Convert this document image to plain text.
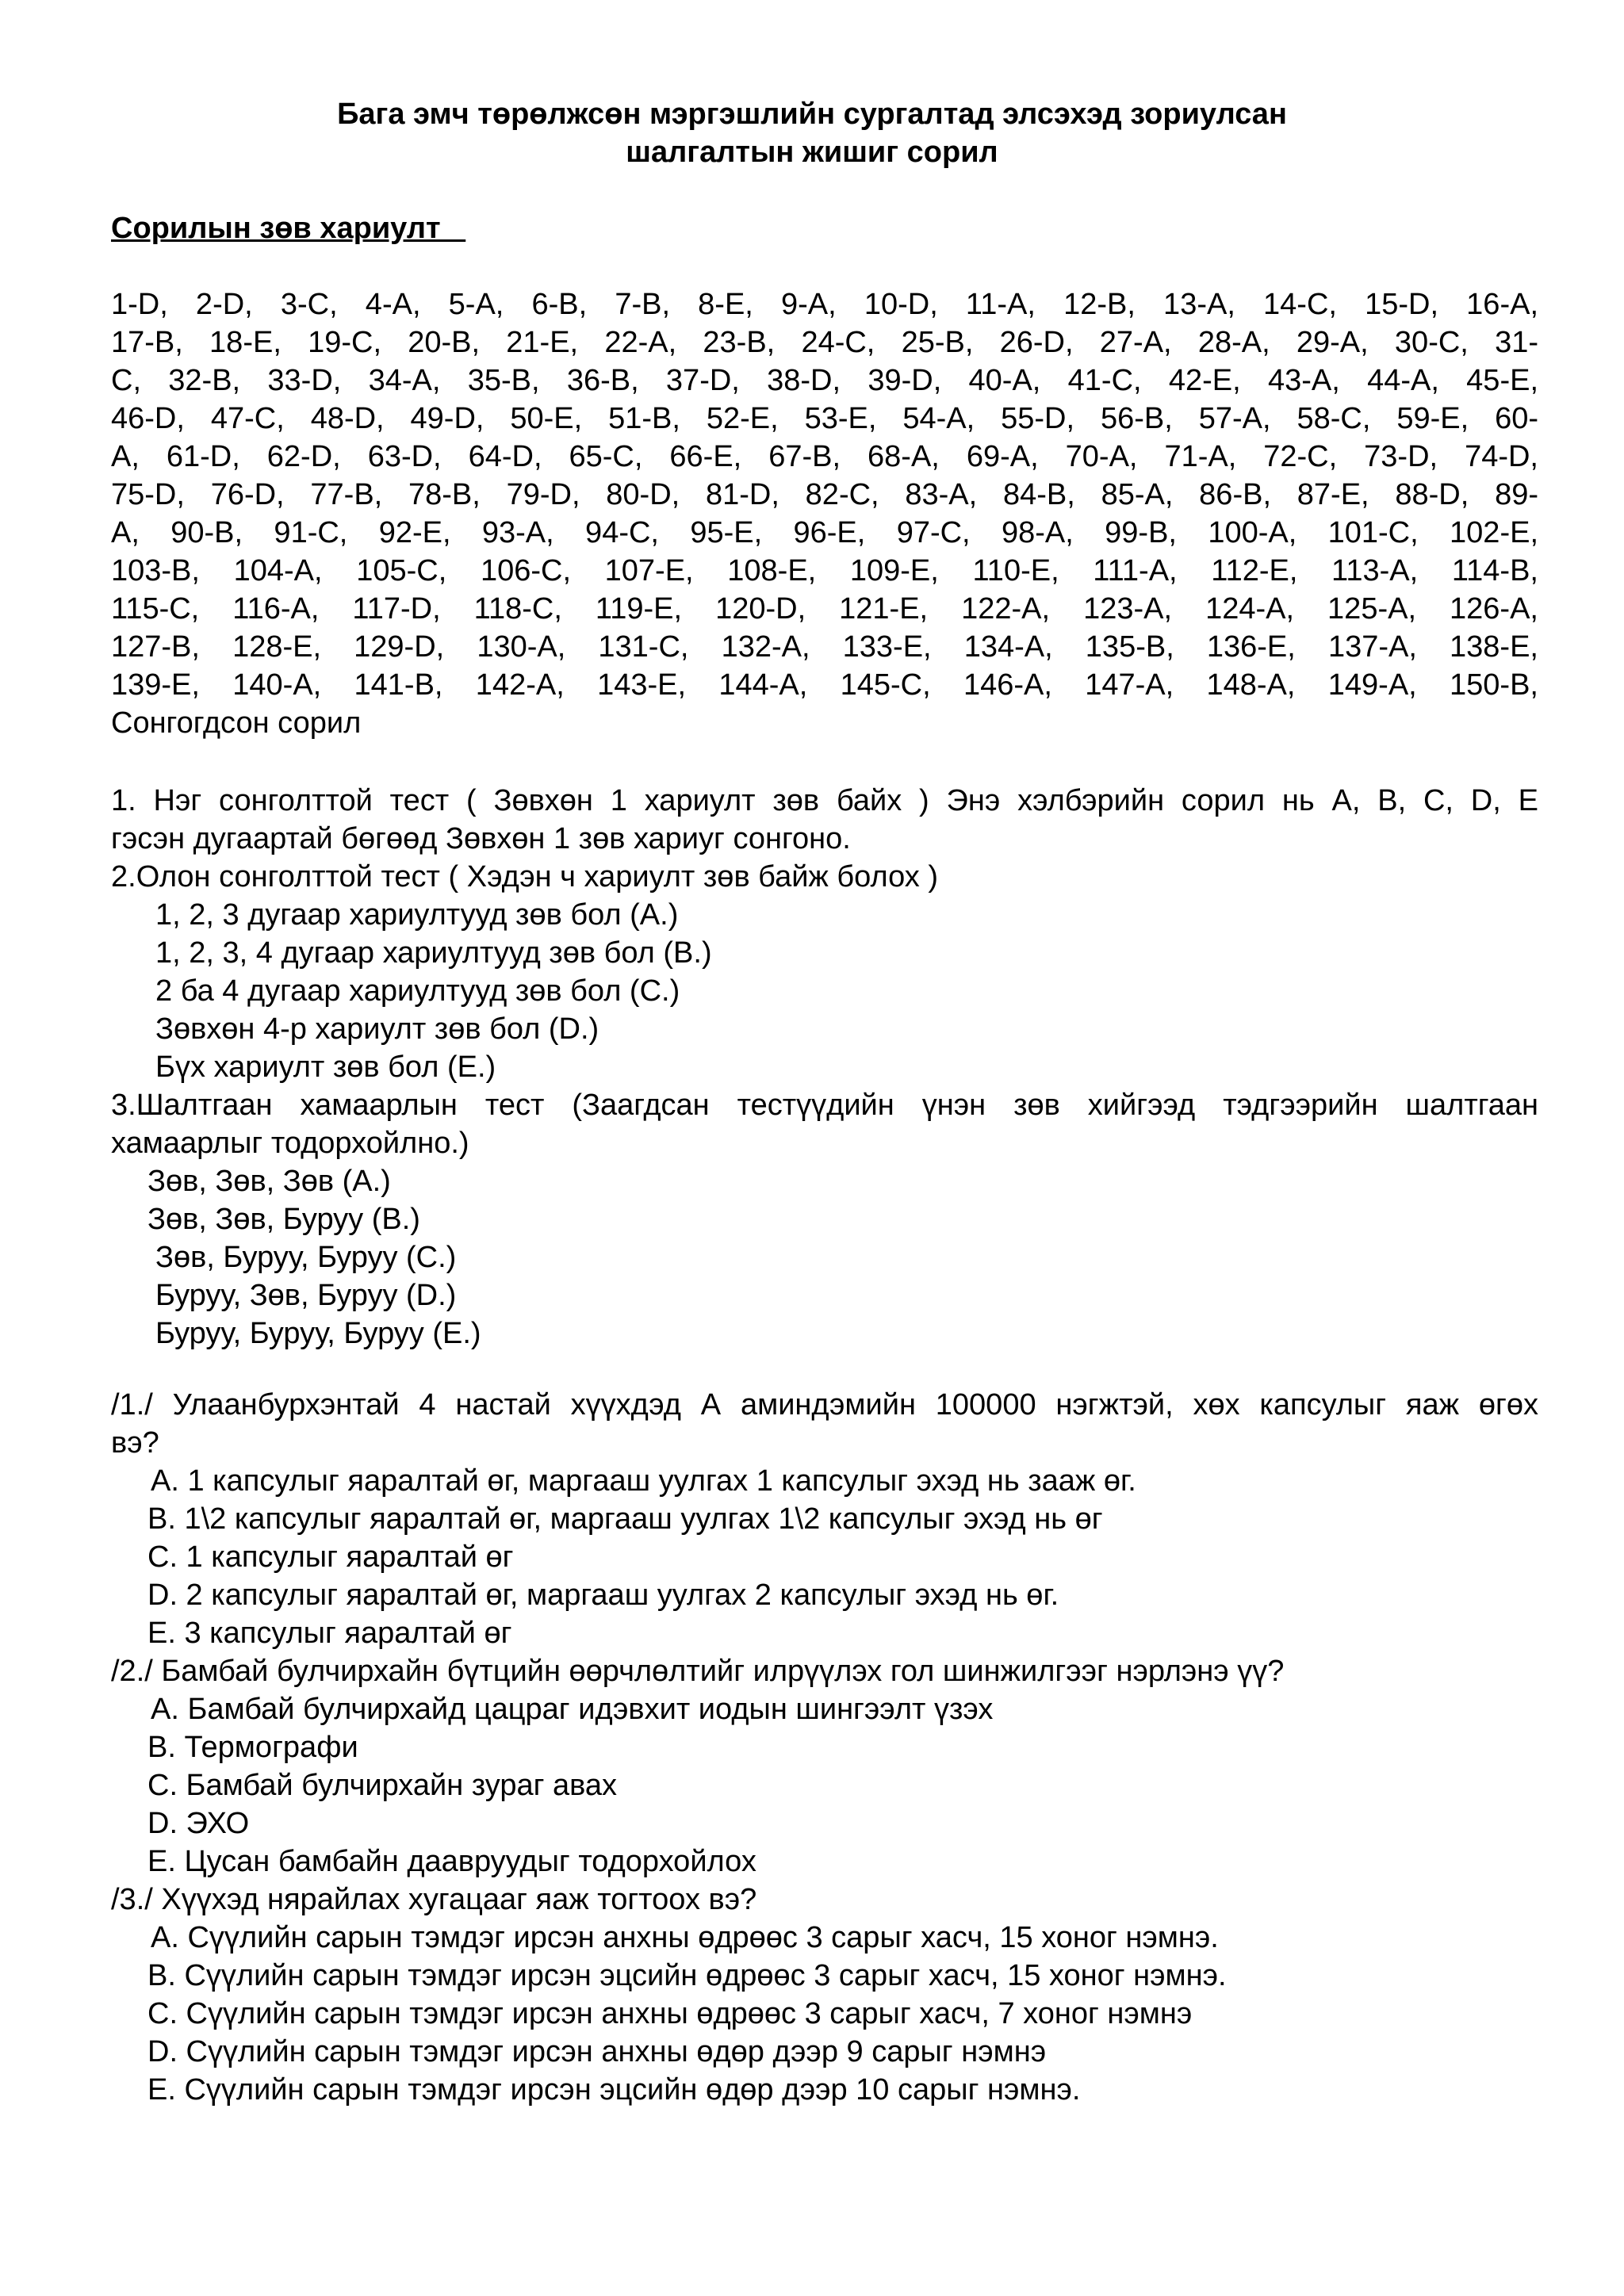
Бага эмч төрөлжсөн мэргэшлийн сургалтад элсэхэд зориулсан
шалгалтын жишиг сорил
Сорилын зөв хариулт
1-D, 2-D, 3-C, 4-A, 5-A, 6-B, 7-B, 8-E, 9-A, 10-D, 11-A, 12-B, 13-A, 14-C, 15-D, 16-A,
17-B, 18-E, 19-C, 20-B, 21-E, 22-A, 23-B, 24-C, 25-B, 26-D, 27-A, 28-A, 29-A, 30-C, 31-
C, 32-B, 33-D, 34-A, 35-B, 36-B, 37-D, 38-D, 39-D, 40-A, 41-C, 42-E, 43-A, 44-A, 45-E,
46-D, 47-C, 48-D, 49-D, 50-E, 51-B, 52-E, 53-E, 54-A, 55-D, 56-B, 57-A, 58-C, 59-E, 60-
A, 61-D, 62-D, 63-D, 64-D, 65-C, 66-E, 67-B, 68-A, 69-A, 70-A, 71-A, 72-C, 73-D, 74-D,
75-D, 76-D, 77-B, 78-B, 79-D, 80-D, 81-D, 82-C, 83-A, 84-B, 85-A, 86-B, 87-E, 88-D, 89-
A, 90-B, 91-C, 92-E, 93-A, 94-C, 95-E, 96-E, 97-C, 98-A, 99-B, 100-A, 101-C, 102-E,
103-B, 104-A, 105-C, 106-C, 107-E, 108-E, 109-E, 110-E, 111-A, 112-E, 113-A, 114-B,
115-C, 116-A, 117-D, 118-C, 119-E, 120-D, 121-E, 122-A, 123-A, 124-A, 125-A, 126-A,
127-B, 128-E, 129-D, 130-A, 131-C, 132-A, 133-E, 134-A, 135-B, 136-E, 137-A, 138-E,
139-E, 140-A, 141-B, 142-A, 143-E, 144-A, 145-C, 146-A, 147-A, 148-A, 149-A, 150-B,
Сонгогдсон сорил
1. Нэг сонголттой тест ( Зөвхөн 1 хариулт зөв байх ) Энэ хэлбэрийн сорил нь A, B, C, D, E
гэсэн дугаартай бөгөөд Зөвхөн 1 зөв хариуг сонгоно.
2.Олон сонголттой тест ( Хэдэн ч хариулт зөв байж болох )
1, 2, 3 дугаар хариултууд зөв бол (A.)
1, 2, 3, 4 дугаар хариултууд зөв бол (B.)
2 ба 4 дугаар хариултууд зөв бол (C.)
Зөвхөн 4-р хариулт зөв бол (D.)
Бүх хариулт зөв бол (E.)
3.Шалтгаан хамаарлын тест (Заагдсан тестүүдийн үнэн зөв хийгээд тэдгээрийн шалтгаан
хамаарлыг тодорхойлно.)
Зөв, Зөв, Зөв (A.)
Зөв, Зөв, Буруу (B.)
Зөв, Буруу, Буруу (C.)
Буруу, Зөв, Буруу (D.)
Буруу, Буруу, Буруу (E.)
/1./ Улаанбурхэнтай 4 настай хүүхдэд А аминдэмийн 100000 нэгжтэй, хөх капсулыг яаж өгөх
вэ?
A. 1 капсулыг яаралтай өг, маргааш уулгах 1 капсулыг эхэд нь зааж өг.
B. 1\2 капсулыг яаралтай өг, маргааш уулгах 1\2 капсулыг эхэд нь өг
C. 1 капсулыг яаралтай өг
D. 2 капсулыг яаралтай өг, маргааш уулгах 2 капсулыг эхэд нь өг.
E. 3 капсулыг яаралтай өг
/2./ Бамбай булчирхайн бүтцийн өөрчлөлтийг илрүүлэх гол шинжилгээг нэрлэнэ үү?
A. Бамбай булчирхайд цацраг идэвхит иодын шингээлт үзэх
B. Термографи
C. Бамбай булчирхайн зураг авах
D. ЭХО
E. Цусан бамбайн даавруудыг тодорхойлох
/3./ Хүүхэд нярайлах хугацааг яаж тогтоох вэ?
A. Сүүлийн сарын тэмдэг ирсэн анхны өдрөөс 3 сарыг хасч, 15 хоног нэмнэ.
B. Сүүлийн сарын тэмдэг ирсэн эцсийн өдрөөс 3 сарыг хасч, 15 хоног нэмнэ.
C. Сүүлийн сарын тэмдэг ирсэн анхны өдрөөс 3 сарыг хасч, 7 хоног нэмнэ
D. Сүүлийн сарын тэмдэг ирсэн анхны өдөр дээр 9 сарыг нэмнэ
E. Сүүлийн сарын тэмдэг ирсэн эцсийн өдөр дээр 10 сарыг нэмнэ.
